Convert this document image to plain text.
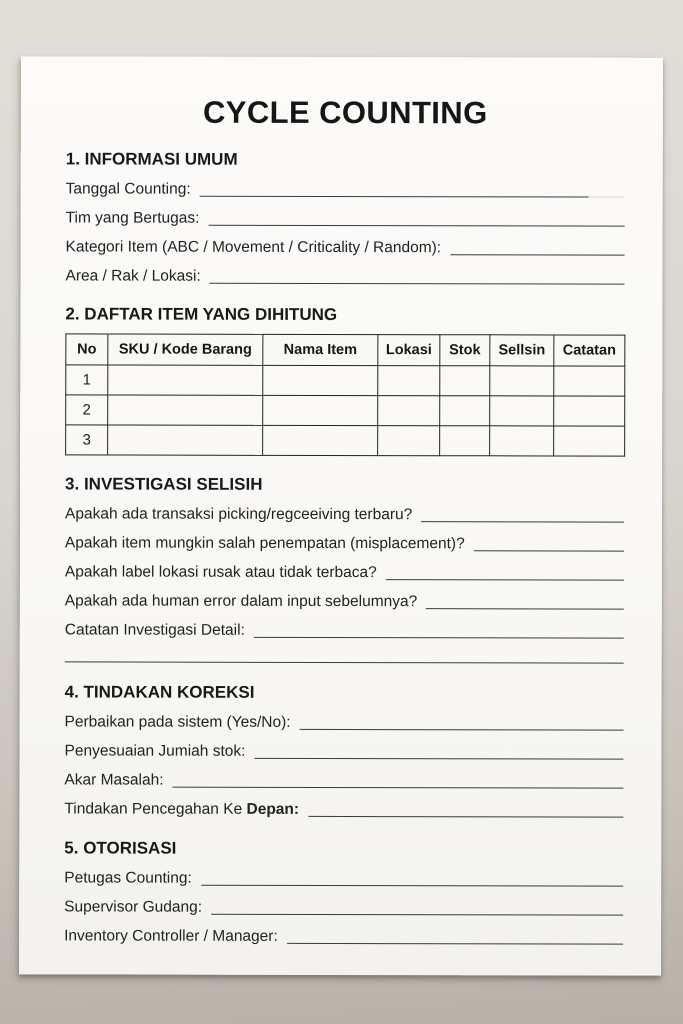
CYCLE COUNTING
1. INFORMASI UMUM
Tanggal Counting:
Tim yang Bertugas:
Kategori Item (ABC / Movement / Criticality / Random):
Area / Rak / Lokasi:
2. DAFTAR ITEM YANG DIHITUNG
No	SKU / Kode Barang	Nama Item	Lokasi	Stok	Sellsin	Catatan
1						
2						
3						
3. INVESTIGASI SELISIH
Apakah ada transaksi picking/regceeiving terbaru?
Apakah item mungkin salah penempatan (misplacement)?
Apakah label lokasi rusak atau tidak terbaca?
Apakah ada human error dalam input sebelumnya?
Catatan Investigasi Detail:
4. TINDAKAN KOREKSI
Perbaikan pada sistem (Yes/No):
Penyesuaian Jumiah stok:
Akar Masalah:
Tindakan Pencegahan Ke Depan:
5. OTORISASI
Petugas Counting:
Supervisor Gudang:
Inventory Controller / Manager:
